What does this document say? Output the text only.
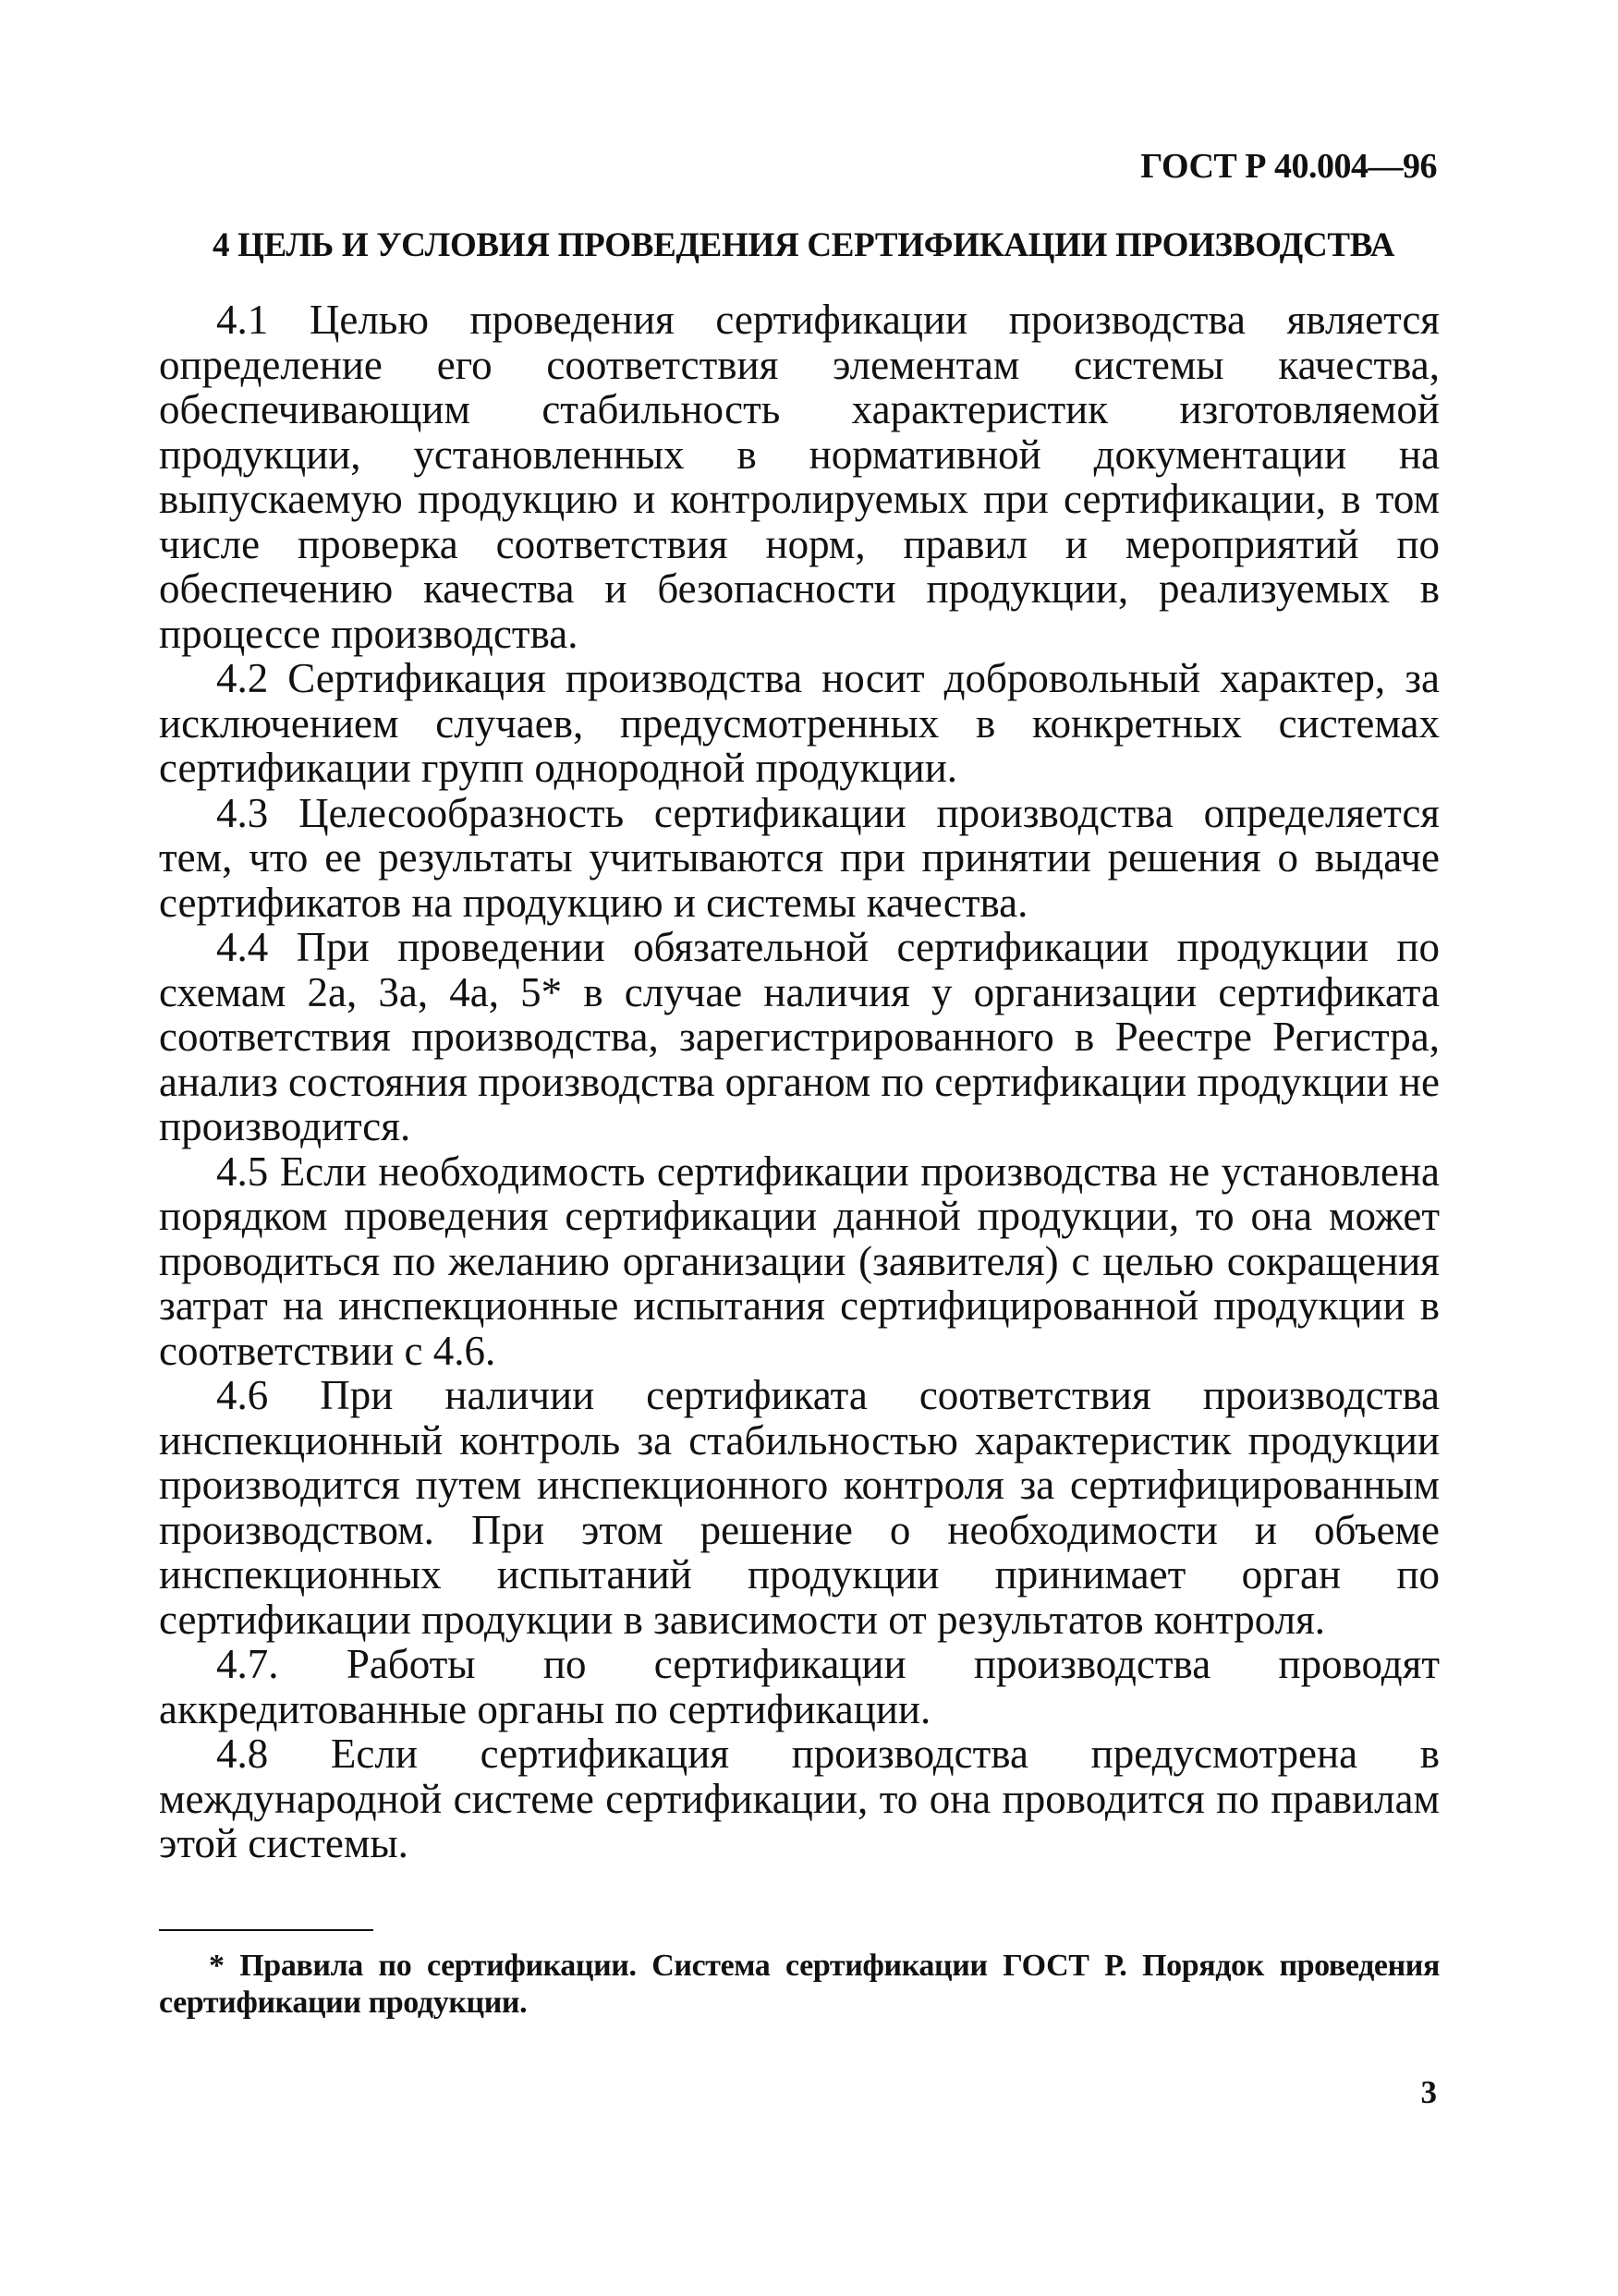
ГОСТ Р 40.004—96
4 ЦЕЛЬ И УСЛОВИЯ ПРОВЕДЕНИЯ СЕРТИФИКАЦИИ ПРОИЗВОДСТВА

4.1 Целью проведения сертификации производства является определение его соответствия элементам системы качества, обеспечивающим стабильность характеристик изготовляемой продукции, установленных в нормативной документации на выпускаемую продукцию и контролируемых при сертификации, в том числе проверка соответствия норм, правил и мероприятий по обеспечению качества и безопасности продукции, реализуемых в процессе производства.

4.2 Сертификация производства носит добровольный характер, за исключением случаев, предусмотренных в конкретных системах сертификации групп однородной продукции.

4.3 Целесообразность сертификации производства определяется тем, что ее результаты учитываются при принятии решения о выдаче сертификатов на продукцию и системы качества.

4.4 При проведении обязательной сертификации продукции по схемам 2а, 3а, 4а, 5* в случае наличия у организации сертификата соответствия производства, зарегистрированного в Реестре Регистра, анализ состояния производства органом по сертификации продукции не производится.

4.5 Если необходимость сертификации производства не установлена порядком проведения сертификации данной продукции, то она может проводиться по желанию организации (заявителя) с целью сокращения затрат на инспекционные испытания сертифицированной продукции в соответствии с 4.6.

4.6 При наличии сертификата соответствия производства инспекционный контроль за стабильностью характеристик продукции производится путем инспекционного контроля за сертифицированным производством. При этом решение о необходимости и объеме инспекционных испытаний продукции принимает орган по сертификации продукции в зависимости от результатов контроля.

4.7. Работы по сертификации производства проводят аккредитованные органы по сертификации.

4.8 Если сертификация производства предусмотрена в международной системе сертификации, то она проводится по правилам этой системы.

* Правила по сертификации. Система сертификации ГОСТ Р. Порядок проведения сертификации продукции.

3
